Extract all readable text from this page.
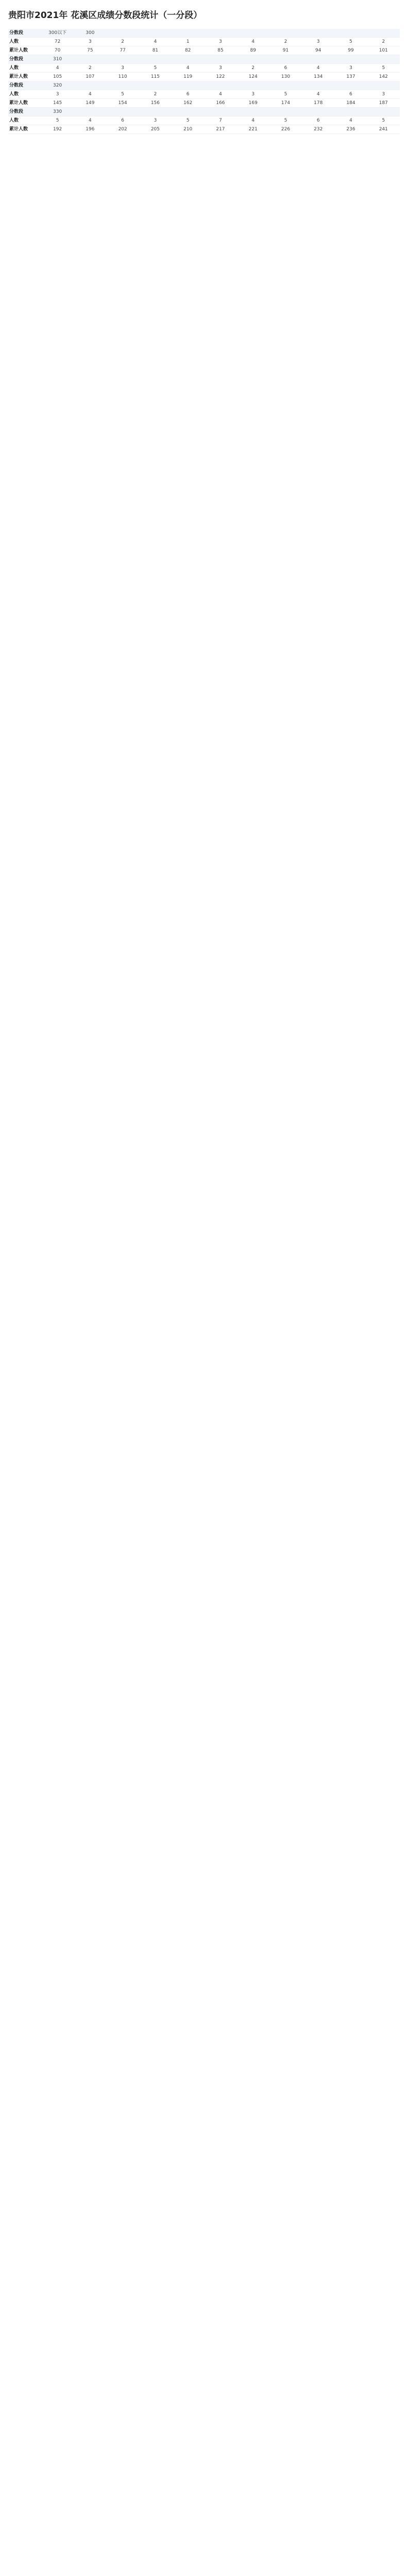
贵阳市2021年 花溪区成绩分数段统计（一分段）
分数段	300以下	300									
人数	72	3	2	4	1	3	4	2	3	5	2
累计人数	70	75	77	81	82	85	89	91	94	99	101
分数段	310										
人数	4	2	3	5	4	3	2	6	4	3	5
累计人数	105	107	110	115	119	122	124	130	134	137	142
分数段	320										
人数	3	4	5	2	6	4	3	5	4	6	3
累计人数	145	149	154	156	162	166	169	174	178	184	187
分数段	330										
人数	5	4	6	3	5	7	4	5	6	4	5
累计人数	192	196	202	205	210	217	221	226	232	236	241
